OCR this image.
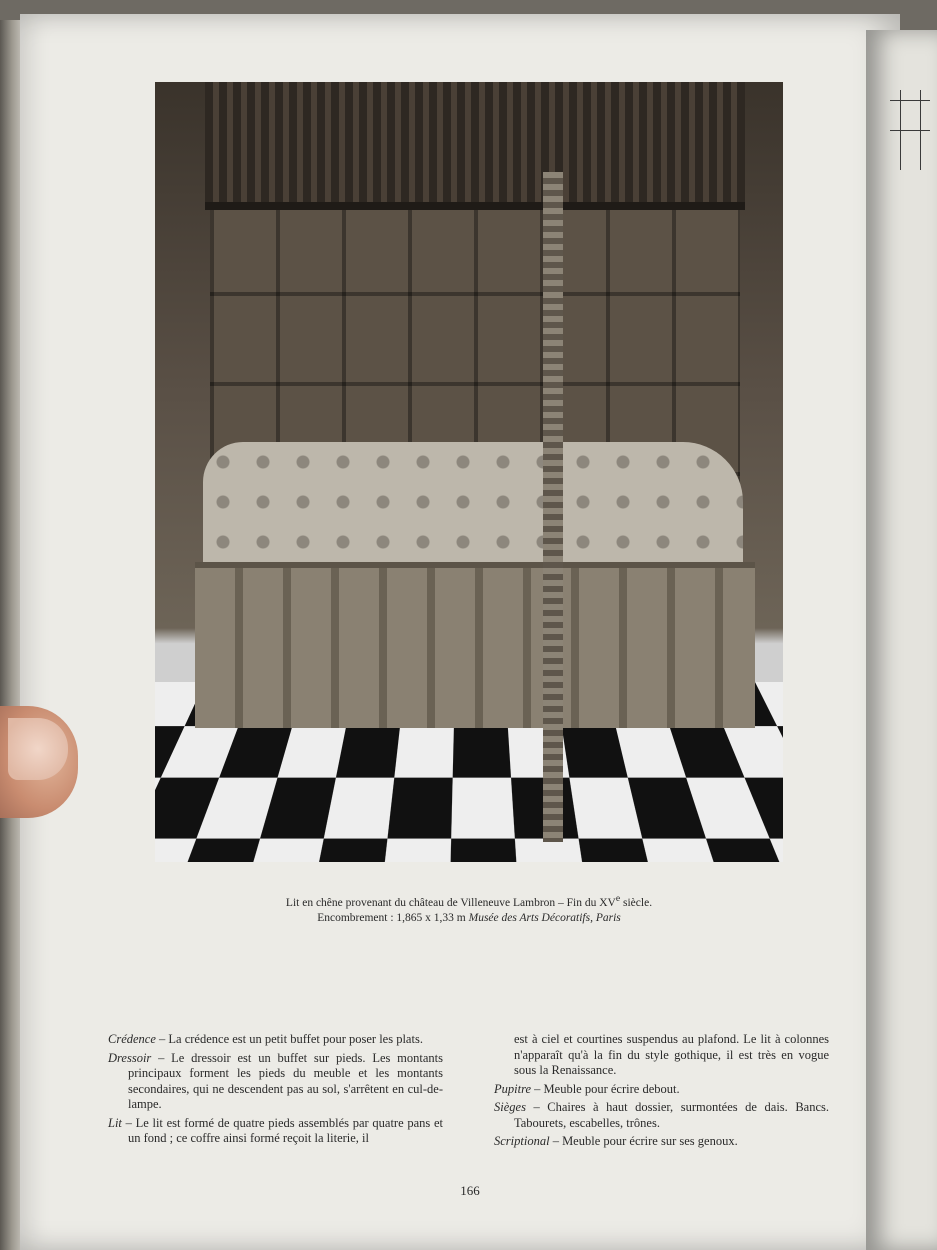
Lit en chêne provenant du château de Villeneuve Lambron – Fin du XVe siècle.
Encombrement : 1,865 x 1,33 m Musée des Arts Décoratifs, Paris

Crédence – La crédence est un petit buffet pour poser les plats.

Dressoir – Le dressoir est un buffet sur pieds. Les montants principaux forment les pieds du meuble et les montants secondaires, qui ne descendent pas au sol, s'arrêtent en cul-de-lampe.

Lit – Le lit est formé de quatre pieds assemblés par quatre pans et un fond ; ce coffre ainsi formé reçoit la literie, il

est à ciel et courtines suspendus au plafond. Le lit à colonnes n'apparaît qu'à la fin du style gothique, il est très en vogue sous la Renaissance.

Pupitre – Meuble pour écrire debout.

Sièges – Chaires à haut dossier, surmontées de dais. Bancs. Tabourets, escabelles, trônes.

Scriptional – Meuble pour écrire sur ses genoux.

166
